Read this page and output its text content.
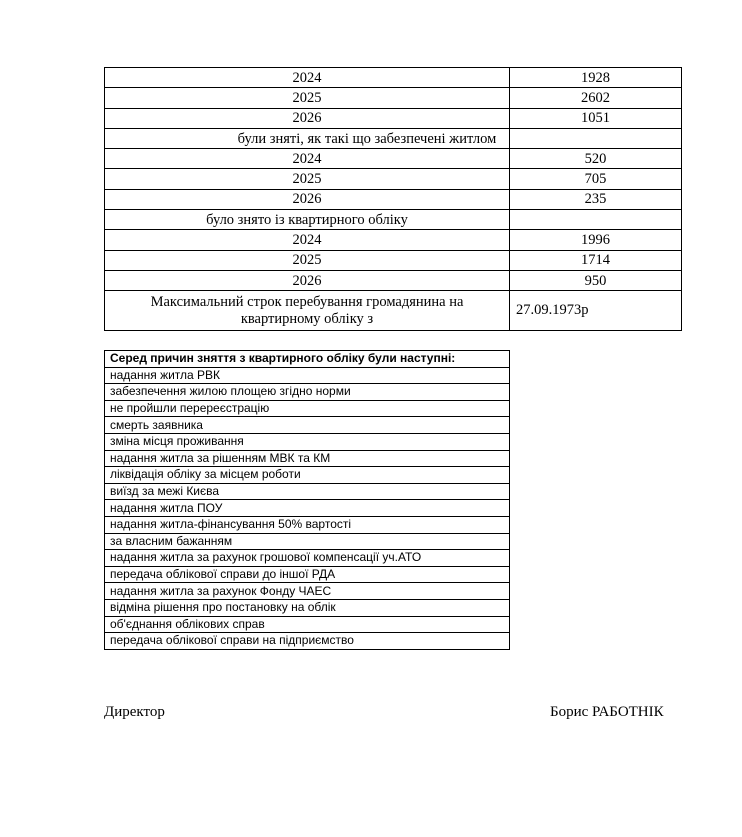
2024	1928
2025	2602
2026	1051
були зняті, як такі що забезпечені житлом	
2024	520
2025	705
2026	235
було знято із квартирного обліку	
2024	1996
2025	1714
2026	950
Максимальний строк перебування громадянина на
квартирному обліку з	27.09.1973р
Серед причин зняття з квартирного обліку були наступні:
надання житла РВК
забезпечення жилою площею згідно норми
не пройшли перереєстрацію
смерть заявника
зміна місця проживання
надання житла за рішенням МВК та КМ
ліквідація обліку за місцем роботи
виїзд за межі Києва
надання житла ПОУ
надання житла-фінансування 50% вартості
за власним бажанням
надання житла за рахунок грошової компенсації уч.АТО
передача облікової справи до іншої РДА
надання житла за рахунок Фонду ЧАЕС
відміна рішення про постановку на облік
об'єднання облікових справ
передача облікової справи на підприємство
Директор	Борис РАБОТНІК
